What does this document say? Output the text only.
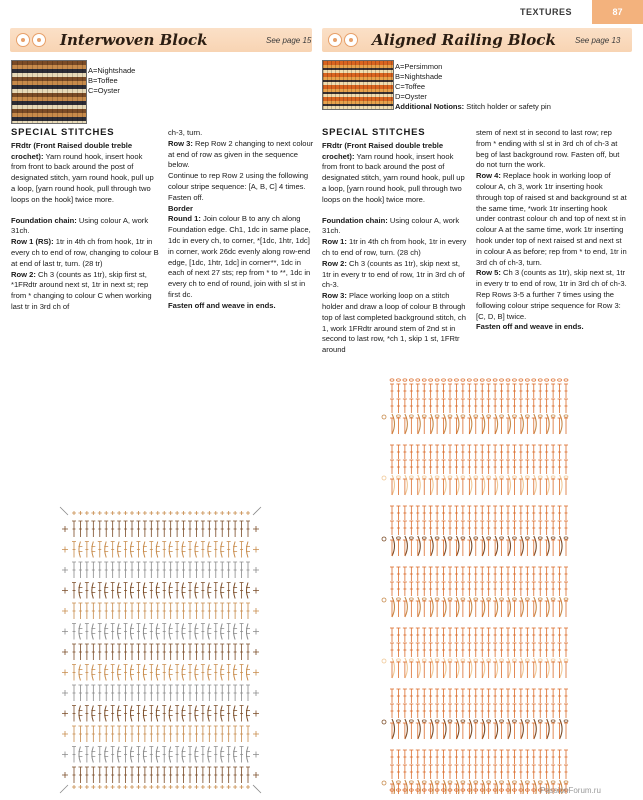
TEXTURES	87
Interwoven Block	See page 15	Aligned Railing Block See page 13
A=Nightshade
B=Toffee
C=Oyster
A=Persimmon
B=Nightshade
C=Toffee
D=Oyster
Additional Notions: Stitch holder or safety pin
SPECIAL STITCHES

FRdtr (Front Raised double treble crochet): Yarn round hook, insert hook from front to back around the post of designated stitch, yarn round hook, pull up a loop, [yarn round hook, pull through two loops on the hook] twice more.

Foundation chain: Using colour A, work 31ch.

Row 1 (RS): 1tr in 4th ch from hook, 1tr in every ch to end of row, changing to colour B at end of last tr, turn. (28 tr)

Row 2: Ch 3 (counts as 1tr), skip first st, *1FRdtr around next st, 1tr in next st; rep from * changing to colour C when working last tr in 3rd ch of

ch-3, turn.

Row 3: Rep Row 2 changing to next colour at end of row as given in the sequence below.

Continue to rep Row 2 using the following colour stripe sequence: [A, B, C] 4 times.

Fasten off.

Border

Round 1: Join colour B to any ch along Foundation edge. Ch1, 1dc in same place, 1dc in every ch, to corner, *[1dc, 1htr, 1dc] in corner, work 26dc evenly along row-end edge, [1dc, 1htr, 1dc] in corner**, 1dc in each of next 27 sts; rep from * to **, 1dc in every ch to end of round, join with sl st in first dc.

Fasten off and weave in ends.

SPECIAL STITCHES

FRdtr (Front Raised double treble crochet): Yarn round hook, insert hook from front to back around the post of designated stitch, yarn round hook, pull up a loop, [yarn round hook, pull through two loops on the hook] twice more.

Foundation chain: Using colour A, work 31ch.

Row 1: 1tr in 4th ch from hook, 1tr in every ch to end of row, turn. (28 ch)

Row 2: Ch 3 (counts as 1tr), skip next st, 1tr in every tr to end of row, 1tr in 3rd ch of ch-3.

Row 3: Place working loop on a stitch holder and draw a loop of colour B through top of last completed background stitch, ch 1, work 1FRdtr around stem of 2nd st in second to last row, *ch 1, skip 1 st, 1FRtr around

stem of next st in second to last row; rep from * ending with sl st in 3rd ch of ch-3 at beg of last background row. Fasten off, but do not turn the work.

Row 4: Replace hook in working loop of colour A, ch 3, work 1tr inserting hook through top of raised st and background st at the same time, *work 1tr inserting hook under contrast colour ch and top of next st in colour A at the same time, work 1tr inserting hook under top of next raised st and next st in colour A as before; rep from * to end, 1tr in 3rd ch of ch-3, turn.

Row 5: Ch 3 (counts as 1tr), skip next st, 1tr in every tr to end of row, 1tr in 3rd ch of ch-3.

Rep Rows 3-5 a further 7 times using the following colour stripe sequence for Row 3: [C, D, B] twice.

Fasten off and weave in ends.

PassionForum.ru
